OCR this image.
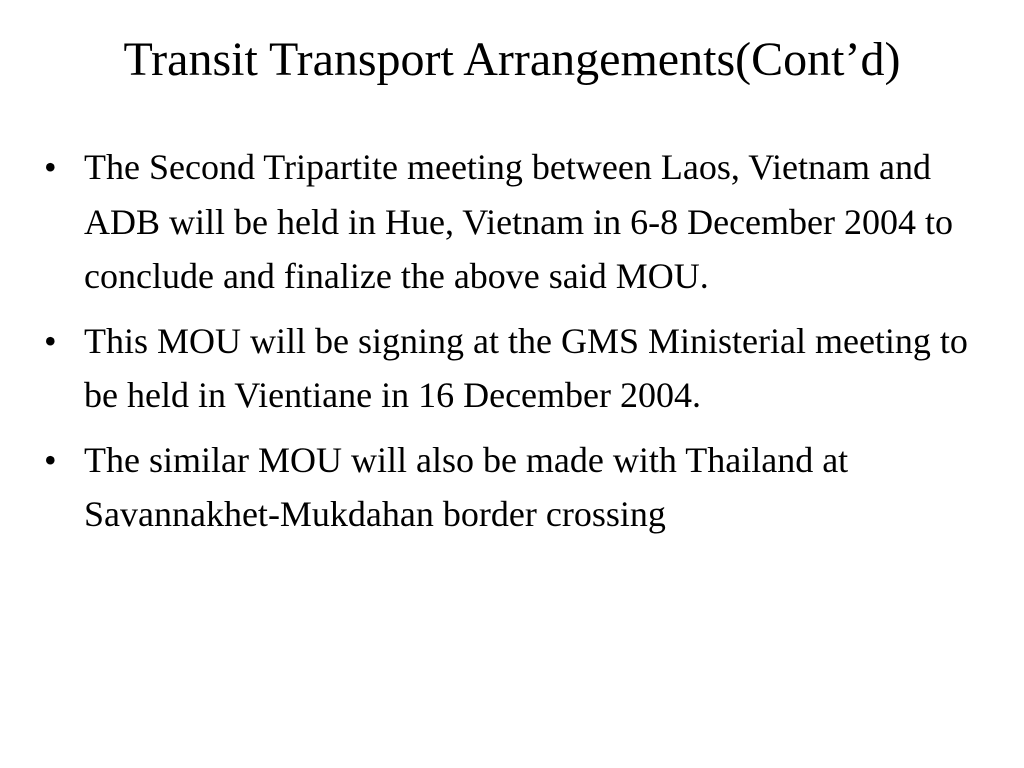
Transit Transport Arrangements(Cont’d)
• The Second Tripartite meeting between Laos, Vietnam and ADB will be held in Hue, Vietnam in 6-8 December 2004 to conclude and finalize the above said MOU.
• This MOU will be signing at the GMS Ministerial meeting to be held in Vientiane in 16 December 2004.
• The similar MOU will also be made with Thailand at Savannakhet-Mukdahan border crossing
